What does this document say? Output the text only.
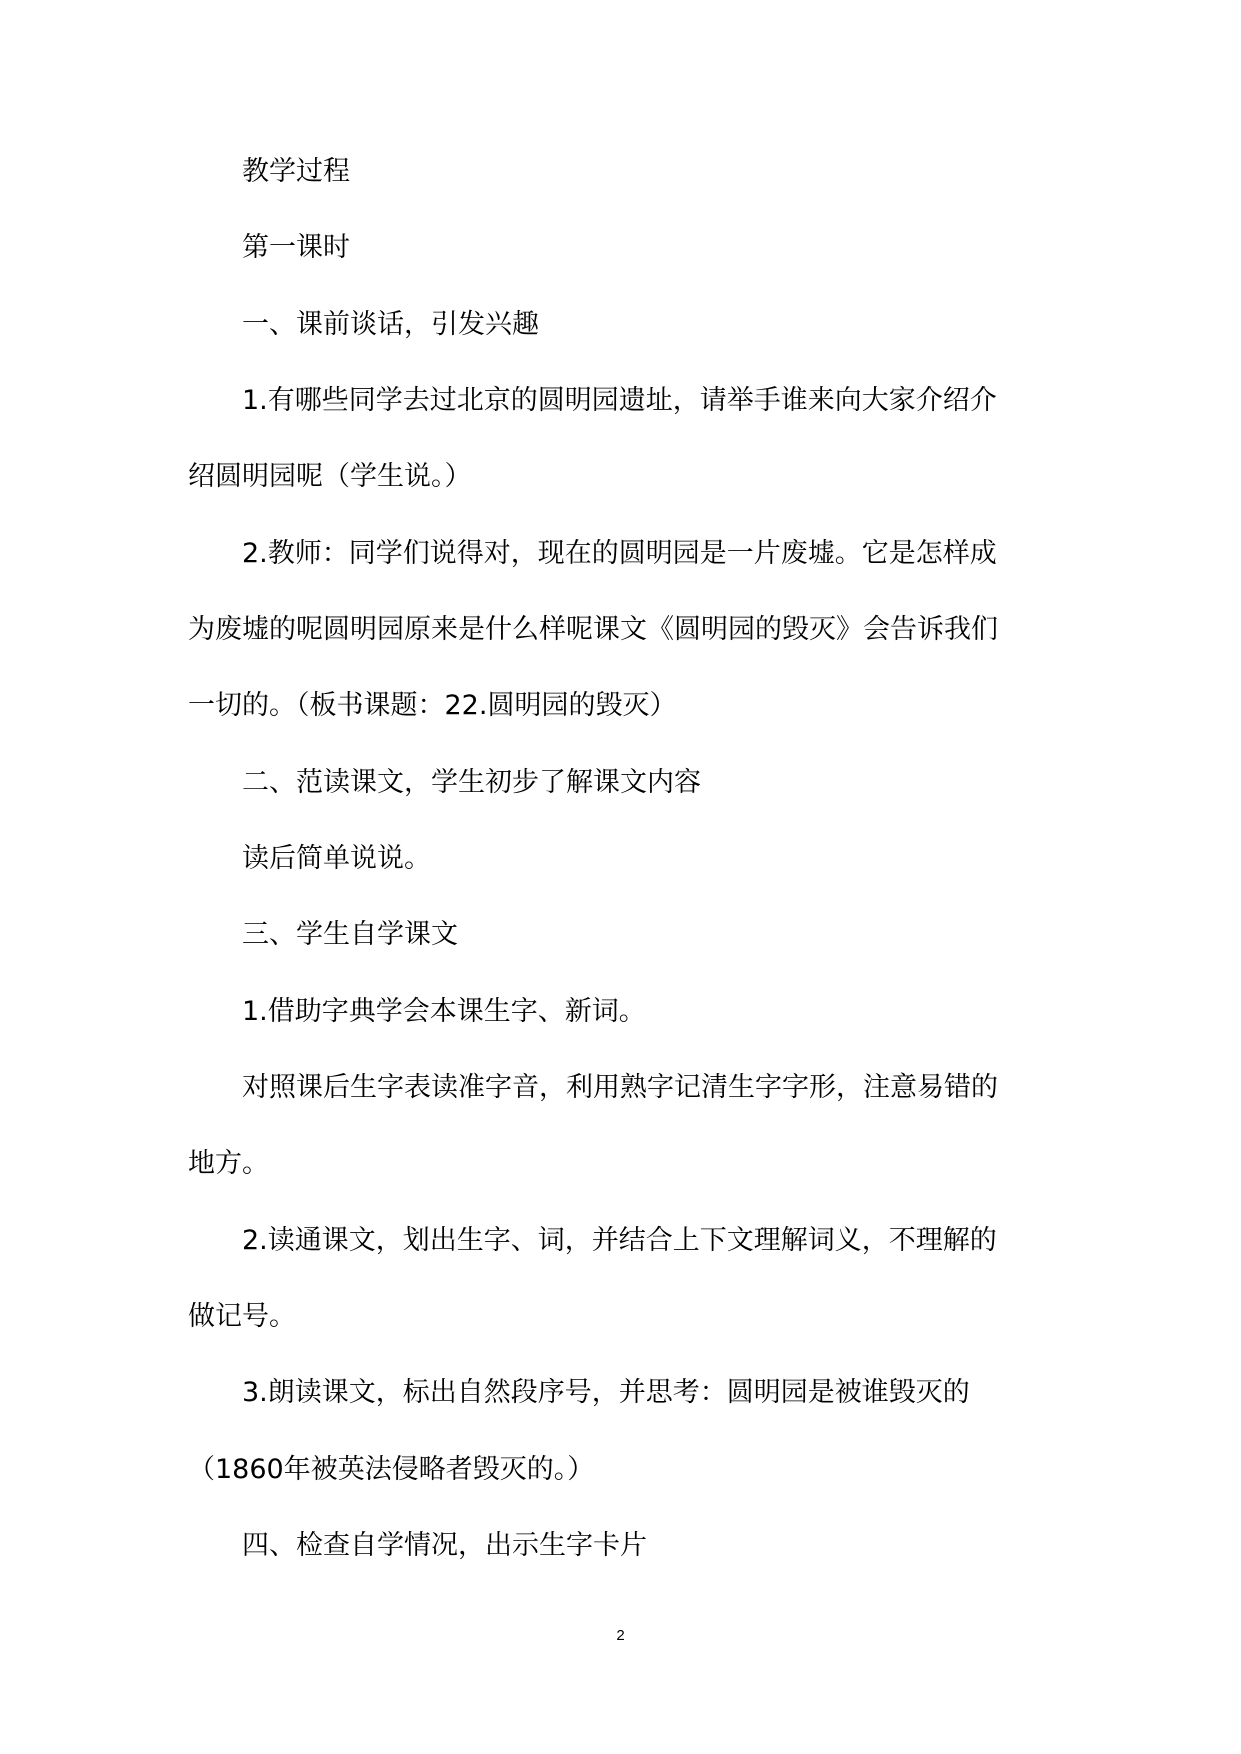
　　教学过程
　　第一课时
　　一、课前谈话，引发兴趣
　　1.有哪些同学去过北京的圆明园遗址，请举手谁来向大家介绍介
绍圆明园呢（学生说。）
　　2.教师：同学们说得对，现在的圆明园是一片废墟。它是怎样成
为废墟的呢圆明园原来是什么样呢课文《圆明园的毁灭》会告诉我们
一切的。（板书课题：22.圆明园的毁灭）
　　二、范读课文，学生初步了解课文内容
　　读后简单说说。
　　三、学生自学课文
　　1.借助字典学会本课生字、新词。
　　对照课后生字表读准字音，利用熟字记清生字字形，注意易错的
地方。
　　2.读通课文，划出生字、词，并结合上下文理解词义，不理解的
做记号。
　　3.朗读课文，标出自然段序号，并思考：圆明园是被谁毁灭的
（1860年被英法侵略者毁灭的。）
　　四、检查自学情况，出示生字卡片
2
